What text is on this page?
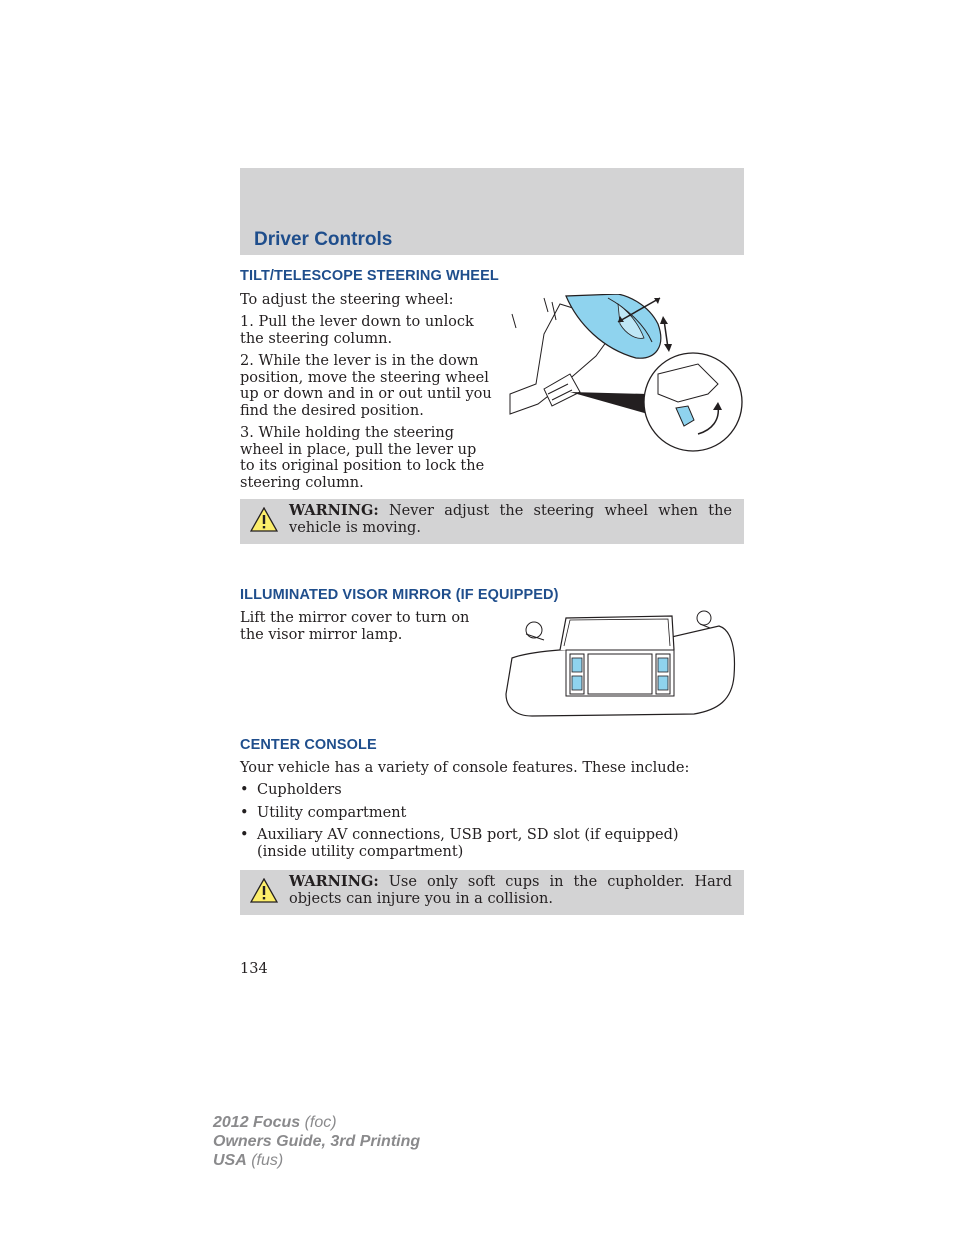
Driver Controls
TILT/TELESCOPE STEERING WHEEL

To adjust the steering wheel:

1. Pull the lever down to unlock the steering column.

2. While the lever is in the down position, move the steering wheel up or down and in or out until you find the desired position.

3. While holding the steering wheel in place, pull the lever up to its original position to lock the steering column.

WARNING: Never adjust the steering wheel when the vehicle is moving.
ILLUMINATED VISOR MIRROR (IF EQUIPPED)

Lift the mirror cover to turn on the visor mirror lamp.

CENTER CONSOLE

Your vehicle has a variety of console features. These include:

• Cupholders
• Utility compartment
• Auxiliary AV connections, USB port, SD slot (if equipped) (inside utility compartment)
WARNING: Use only soft cups in the cupholder. Hard objects can injure you in a collision.
134
2012 Focus (foc)
Owners Guide, 3rd Printing
USA (fus)
